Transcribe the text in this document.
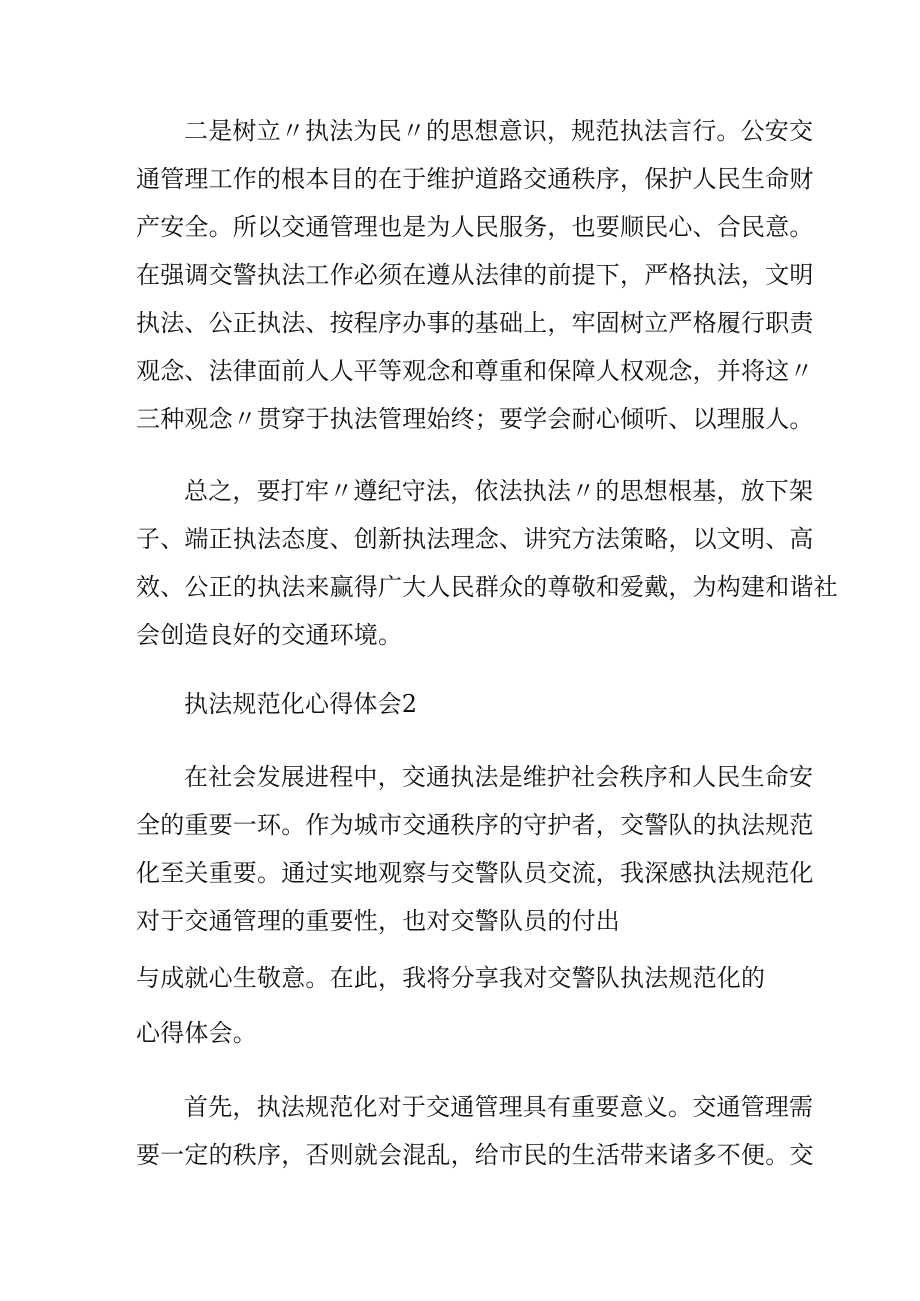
二是树立〃执法为民〃的思想意识，规范执法言行。公安交
通管理工作的根本目的在于维护道路交通秩序，保护人民生命财
产安全。所以交通管理也是为人民服务，也要顺民心、合民意。
在强调交警执法工作必须在遵从法律的前提下，严格执法，文明
执法、公正执法、按程序办事的基础上，牢固树立严格履行职责
观念、法律面前人人平等观念和尊重和保障人权观念，并将这〃
三种观念〃贯穿于执法管理始终；要学会耐心倾听、以理服人。
总之，要打牢〃遵纪守法，依法执法〃的思想根基，放下架
子、端正执法态度、创新执法理念、讲究方法策略，以文明、高
效、公正的执法来赢得广大人民群众的尊敬和爱戴，为构建和谐社
会创造良好的交通环境。
执法规范化心得体会2
在社会发展进程中，交通执法是维护社会秩序和人民生命安
全的重要一环。作为城市交通秩序的守护者，交警队的执法规范
化至关重要。通过实地观察与交警队员交流，我深感执法规范化
对于交通管理的重要性，也对交警队员的付出
与成就心生敬意。在此，我将分享我对交警队执法规范化的
心得体会。
首先，执法规范化对于交通管理具有重要意义。交通管理需
要一定的秩序，否则就会混乱，给市民的生活带来诸多不便。交
